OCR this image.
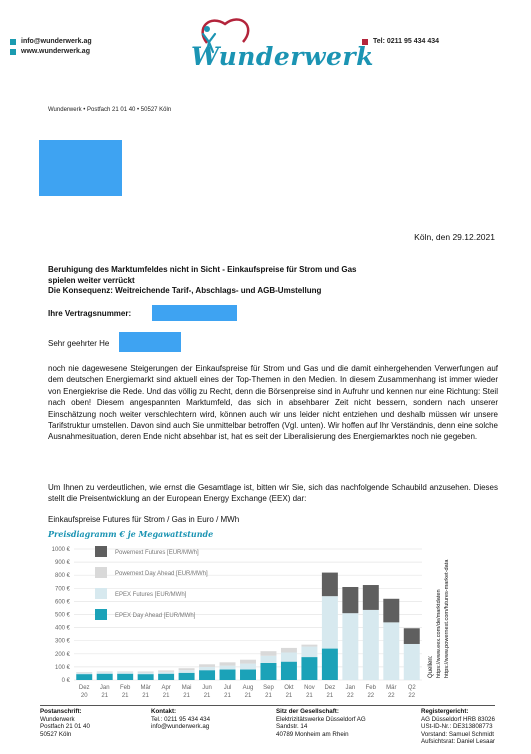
info@wunderwerk.ag
www.wunderwerk.ag
Tel: 0211 95 434 434
Wunderwerk
Wunderwerk • Postfach 21 01 40 • 50527 Köln
Köln, den 29.12.2021
Beruhigung des Marktumfeldes nicht in Sicht - Einkaufspreise für Strom und Gas
spielen weiter verrückt
Die Konsequenz: Weitreichende Tarif-, Abschlags- und AGB-Umstellung
Ihre Vertragsnummer:
Sehr geehrter He
noch nie dagewesene Steigerungen der Einkaufspreise für Strom und Gas und die damit einhergehenden Verwerfungen auf dem deutschen Energiemarkt sind aktuell eines der Top-Themen in den Medien. In diesem Zusammenhang ist immer wieder von Energiekrise die Rede. Und das völlig zu Recht, denn die Börsenpreise sind in Aufruhr und kennen nur eine Richtung: Steil nach oben! Diesem angespannten Marktumfeld, das sich in absehbarer Zeit nicht bessern, sondern nach unserer Einschätzung noch weiter verschlechtern wird, können auch wir uns leider nicht entziehen und deshalb müssen wir unsere Tarifstruktur umstellen. Davon sind auch Sie unmittelbar betroffen (Vgl. unten). Wir hoffen auf Ihr Verständnis, denn eine solche Ausnahmesituation, deren Ende nicht absehbar ist, hat es seit der Liberalisierung des Energiemarktes noch nie gegeben.
Um Ihnen zu verdeutlichen, wie ernst die Gesamtlage ist, bitten wir Sie, sich das nachfolgende Schaubild anzusehen. Dieses stellt die Preisentwicklung an der European Energy Exchange (EEX) dar:
Einkaufspreise Futures für Strom / Gas in Euro / MWh
Preisdiagramm € je Megawattstunde
0 €
100 €
200 €
300 €
400 €
500 €
600 €
700 €
800 €
900 €
1000 €
Dez
20
Jan
21
Feb
21
Mär
21
Apr
21
Mai
21
Jun
21
Jul
21
Aug
21
Sep
21
Okt
21
Nov
21
Dez
21
Jan
22
Feb
22
Mär
22
Q2
22
Powernext Futures [EUR/MWh]
Powernext Day Ahead [EUR/MWh]
EPEX Futures [EUR/MWh]
EPEX Day Ahead [EUR/MWh]
Quellen: https://www.eex.com/de/marktdaten https://www.powernext.com/futures-market-data
Postanschrift:
Wunderwerk
Postfach 21 01 40
50527 Köln
Kontakt:
Tel.: 0211 95 434 434
info@wunderwerk.ag
Sitz der Gesellschaft:
Elektrizitätswerke Düsseldorf AG
Sandstr. 14
40789 Monheim am Rhein
Registergericht:
AG Düsseldorf HRB 83026
USt-ID-Nr.: DE313808773
Vorstand: Samuel Schmidt
Aufsichtsrat: Daniel Lesaar
